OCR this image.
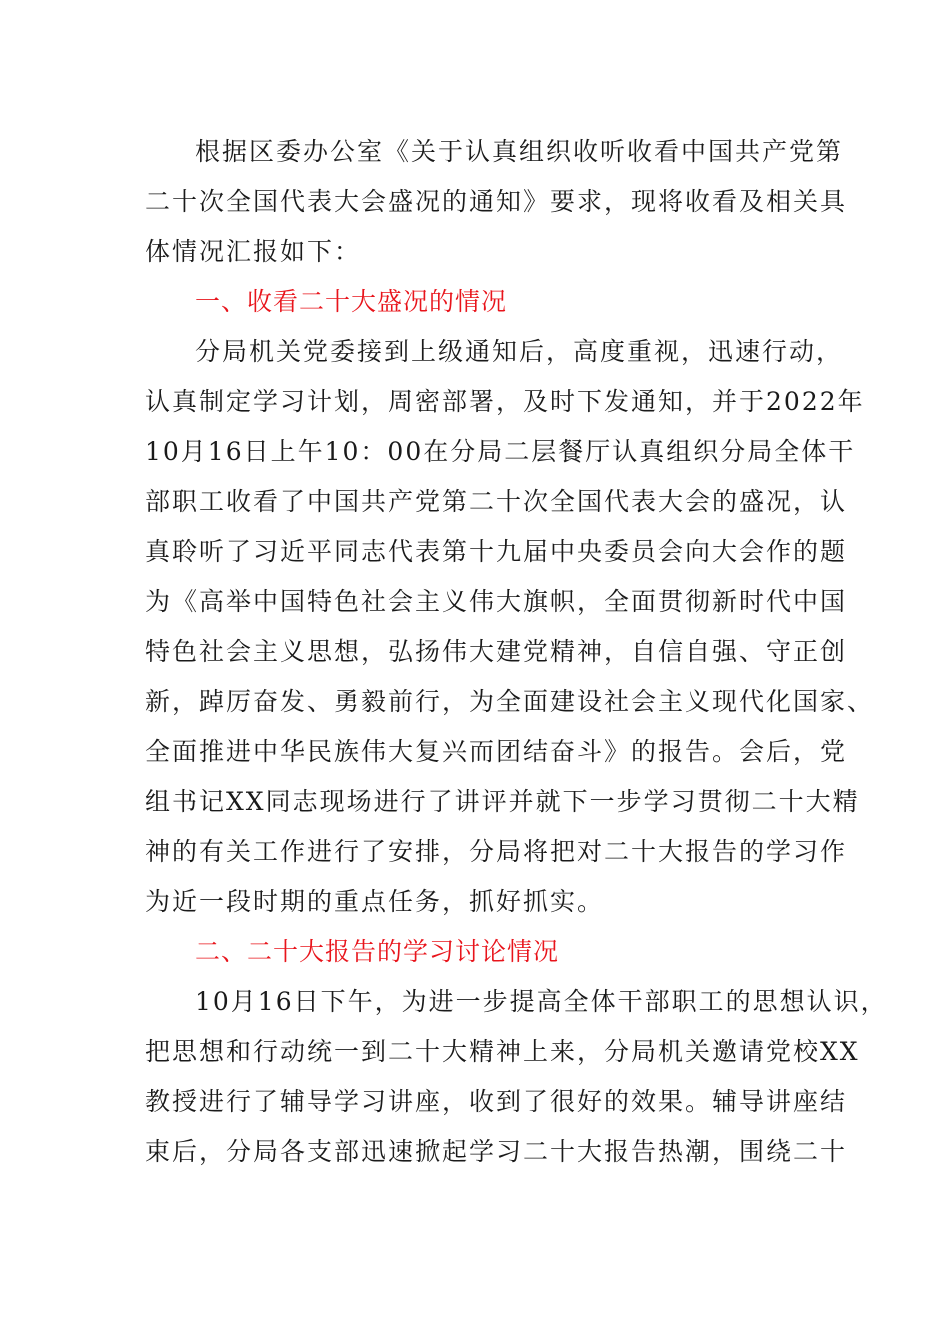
根据区委办公室《关于认真组织收听收看中国共产党第
二十次全国代表大会盛况的通知》要求，现将收看及相关具
体情况汇报如下：
一、收看二十大盛况的情况
分局机关党委接到上级通知后，高度重视，迅速行动，
认真制定学习计划，周密部署，及时下发通知，并于2022年
10月16日上午10：00在分局二层餐厅认真组织分局全体干
部职工收看了中国共产党第二十次全国代表大会的盛况，认
真聆听了习近平同志代表第十九届中央委员会向大会作的题
为《高举中国特色社会主义伟大旗帜，全面贯彻新时代中国
特色社会主义思想，弘扬伟大建党精神，自信自强、守正创
新，踔厉奋发、勇毅前行，为全面建设社会主义现代化国家、
全面推进中华民族伟大复兴而团结奋斗》的报告。会后，党
组书记XX同志现场进行了讲评并就下一步学习贯彻二十大精
神的有关工作进行了安排，分局将把对二十大报告的学习作
为近一段时期的重点任务，抓好抓实。
二、二十大报告的学习讨论情况
10月16日下午，为进一步提高全体干部职工的思想认识，
把思想和行动统一到二十大精神上来，分局机关邀请党校XX
教授进行了辅导学习讲座，收到了很好的效果。辅导讲座结
束后，分局各支部迅速掀起学习二十大报告热潮，围绕二十
